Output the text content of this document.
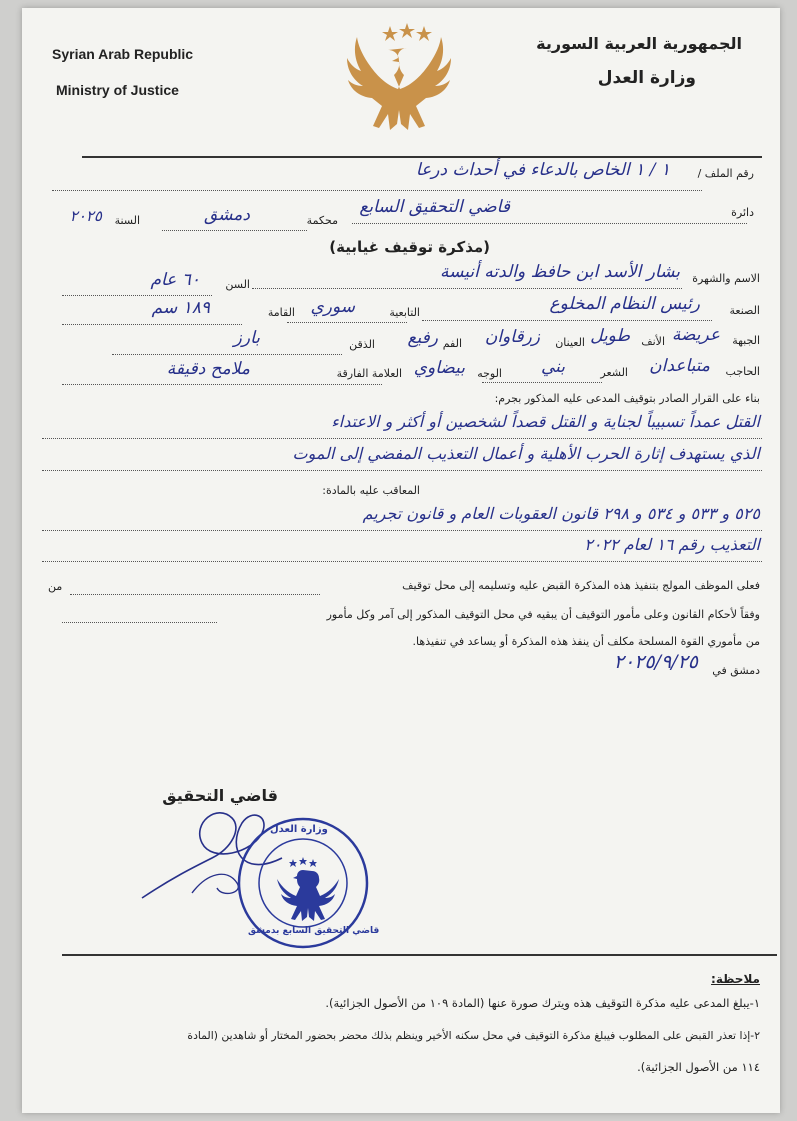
Syrian Arab Republic
Ministry of Justice
الجمهورية العربية السورية
وزارة العدل
رقم الملف /
١ / ١ الخاص بالدعاء في أحداث درعا
دائرة
قاضي التحقيق السابع
محكمة
دمشق
السنة
٢٠٢٥
(مذكرة توقيف غيابية)
الاسم والشهرة
بشار الأسد ابن حافظ والدته أنيسة
السن
٦٠ عام
الصنعة
رئيس النظام المخلوع
التابعية
سوري
القامة
١٨٩ سم
الجبهة
عريضة
الأنف
طويل
العينان
زرقاوان
الفم
رفيع
الذقن
بارز
الحاجب
متباعدان
الشعر
بني
الوجه
بيضاوي
العلامة الفارقة
ملامح دقيقة
بناء على القرار الصادر بتوقيف المدعى عليه المذكور بجرم:
القتل عمداً تسبيباً لجناية و القتل قصداً لشخصين أو أكثر و الاعتداء
الذي يستهدف إثارة الحرب الأهلية و أعمال التعذيب المفضي إلى الموت
المعاقب عليه بالمادة:
٥٢٥ و ٥٣٣ و ٥٣٤ و ٢٩٨ قانون العقوبات العام و قانون تجريم
التعذيب رقم ١٦ لعام ٢٠٢٢
من	فعلى الموظف المولج بتنفيذ هذه المذكرة القبض عليه وتسليمه إلى محل توقيف
وفقاً لأحكام القانون وعلى مأمور التوقيف أن يبقيه في محل التوقيف المذكور إلى آمر وكل مأمور
من مأموري القوة المسلحة مكلف أن ينفذ هذه المذكرة أو يساعد في تنفيذها.
دمشق في
٢٠٢٥/٩/٢٥
قاضي التحقيق
وزارة العدل
قاضي التحقيق السابع بدمشق
ملاحظة:
١-يبلغ المدعى عليه مذكرة التوقيف هذه ويترك صورة عنها (المادة ١٠٩ من الأصول الجزائية).
٢-إذا تعذر القبض على المطلوب فيبلغ مذكرة التوقيف في محل سكنه الأخير وينظم بذلك محضر بحضور المختار أو شاهدين (المادة
١١٤ من الأصول الجزائية).
